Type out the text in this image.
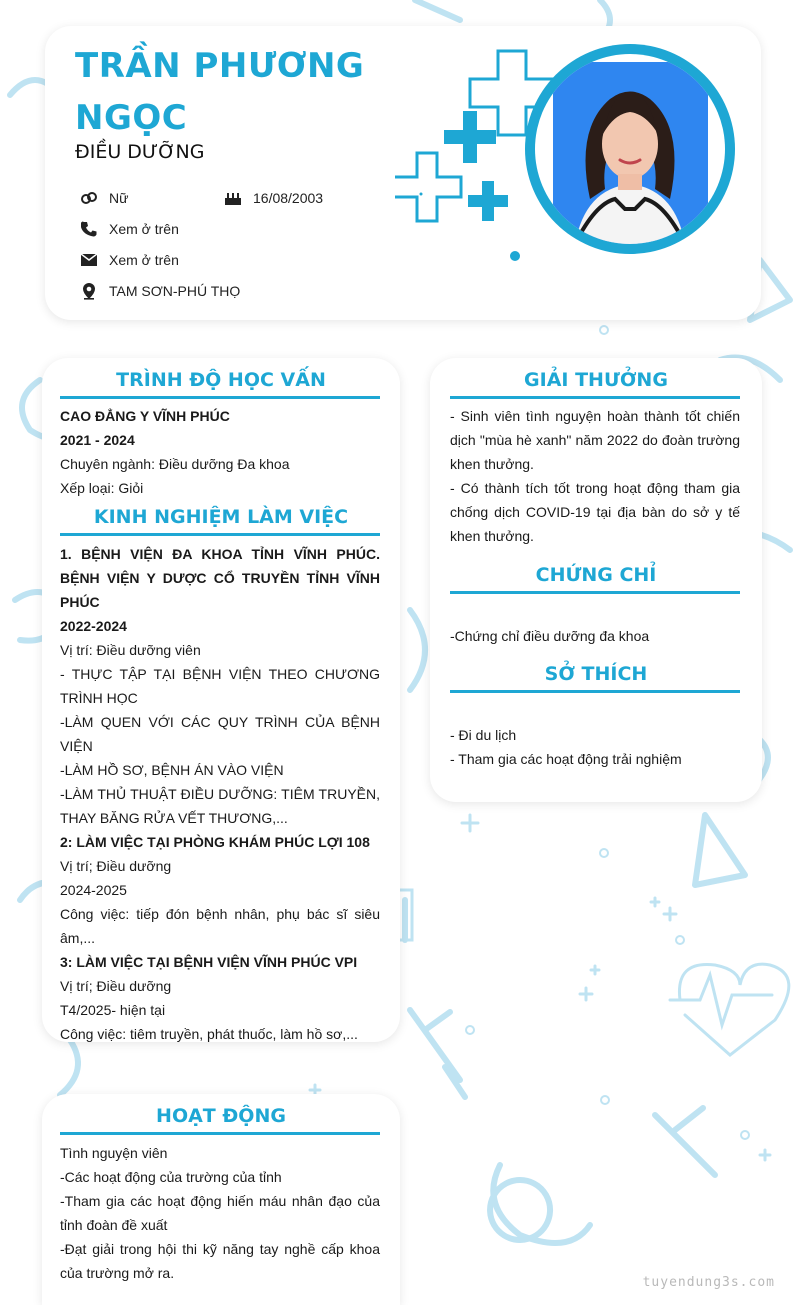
TRẦN PHƯƠNG NGỌC
ĐIỀU DƯỠNG
Nữ	16/08/2003
Xem ở trên
Xem ở trên
TAM SƠN-PHÚ THỌ
TRÌNH ĐỘ HỌC VẤN

CAO ĐẲNG Y VĨNH PHÚC

2021 - 2024

Chuyên ngành: Điều dưỡng Đa khoa

Xếp loại: Giỏi

KINH NGHIỆM LÀM VIỆC

1. BỆNH VIỆN ĐA KHOA TỈNH VĨNH PHÚC. BỆNH VIỆN Y DƯỢC CỔ TRUYỀN TỈNH VĨNH PHÚC

2022-2024

Vị trí: Điều dưỡng viên

- THỰC TẬP TẠI BỆNH VIỆN THEO CHƯƠNG TRÌNH HỌC

-LÀM QUEN VỚI CÁC QUY TRÌNH CỦA BỆNH VIỆN

-LÀM HỒ SƠ, BỆNH ÁN VÀO VIỆN

-LÀM THỦ THUẬT ĐIỀU DƯỠNG: TIÊM TRUYỀN, THAY BĂNG RỬA VẾT THƯƠNG,...

2: LÀM VIỆC TẠI PHÒNG KHÁM PHÚC LỢI 108

Vị trí; Điều dưỡng

2024-2025

Công việc: tiếp đón bệnh nhân, phụ bác sĩ siêu âm,...

3: LÀM VIỆC TẠI BỆNH VIỆN VĨNH PHÚC VPI

Vị trí; Điều dưỡng

T4/2025- hiện tại

Công việc: tiêm truyền, phát thuốc, làm hồ sơ,...

GIẢI THƯỞNG

- Sinh viên tình nguyện hoàn thành tốt chiến dịch "mùa hè xanh" năm 2022 do đoàn trường khen thưởng.

- Có thành tích tốt trong hoạt động tham gia chống dịch COVID-19 tại địa bàn do sở y tế khen thưởng.

CHỨNG CHỈ

-Chứng chỉ điều dưỡng đa khoa

SỞ THÍCH

- Đi du lịch

- Tham gia các hoạt động trải nghiệm

HOẠT ĐỘNG

Tình nguyện viên

-Các hoạt động của trường của tỉnh

-Tham gia các hoạt động hiến máu nhân đạo của tỉnh đoàn đề xuất

-Đạt giải trong hội thi kỹ năng tay nghề cấp khoa của trường mở ra.

tuyendung3s.com
